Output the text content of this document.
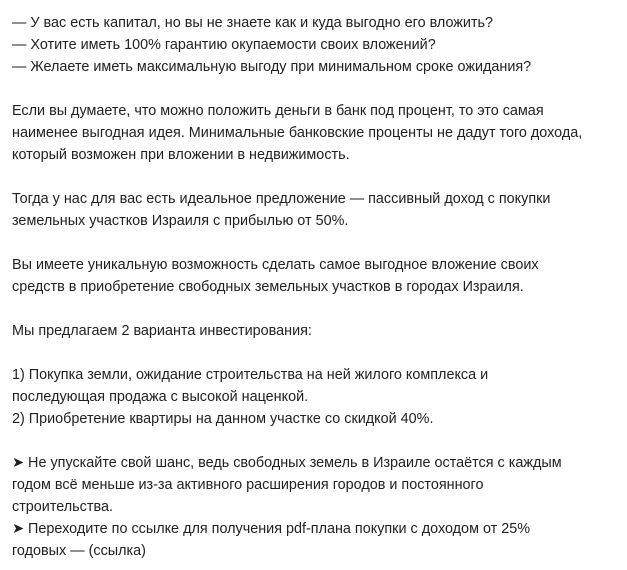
— У вас есть капитал, но вы не знаете как и куда выгодно его вложить?
— Хотите иметь 100% гарантию окупаемости своих вложений?
— Желаете иметь максимальную выгоду при минимальном сроке ожидания?

Если вы думаете, что можно положить деньги в банк под процент, то это самая
наименее выгодная идея. Минимальные банковские проценты не дадут того дохода,
который возможен при вложении в недвижимость.

Тогда у нас для вас есть идеальное предложение — пассивный доход с покупки
земельных участков Израиля с прибылью от 50%.

Вы имеете уникальную возможность сделать самое выгодное вложение своих
средств в приобретение свободных земельных участков в городах Израиля.

Мы предлагаем 2 варианта инвестирования:

1) Покупка земли, ожидание строительства на ней жилого комплекса и
последующая продажа с высокой наценкой.
2) Приобретение квартиры на данном участке со скидкой 40%.

➤ Не упускайте свой шанс, ведь свободных земель в Израиле остаётся с каждым
годом всё меньше из-за активного расширения городов и постоянного
строительства.
➤ Переходите по ссылке для получения pdf-плана покупки с доходом от 25%
годовых — (ссылка)
